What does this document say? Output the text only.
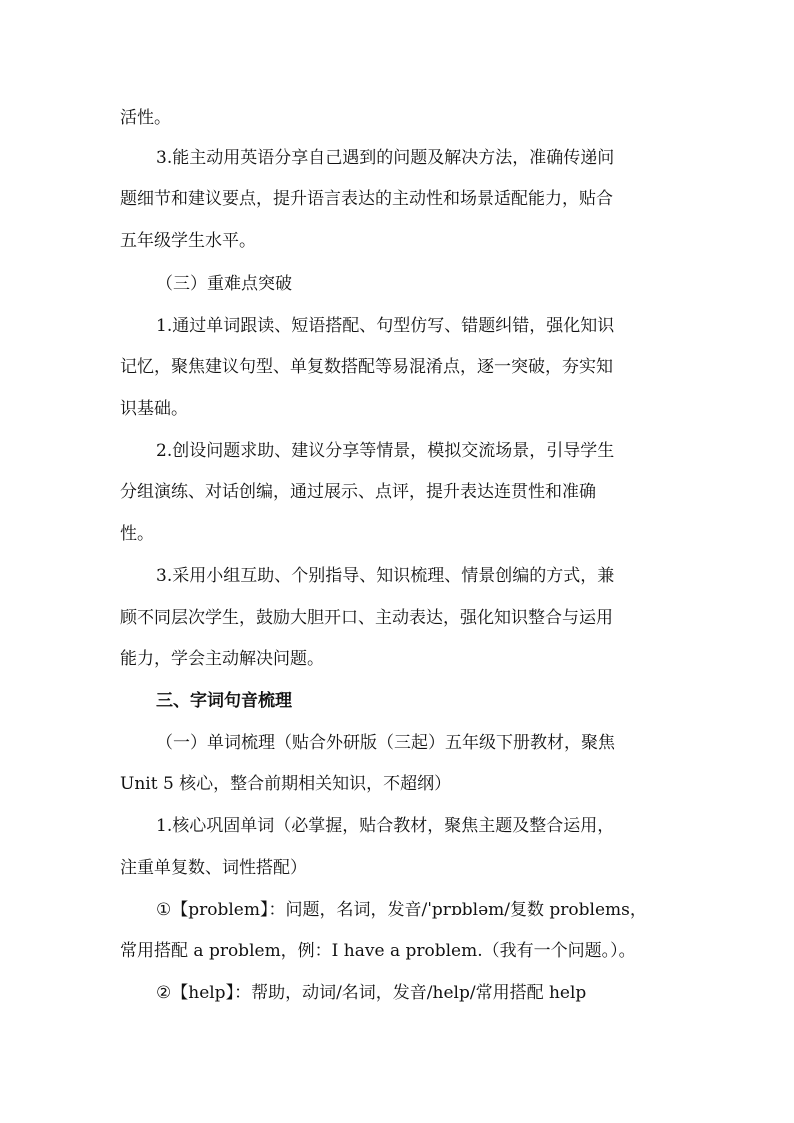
活性。
3.能主动用英语分享自己遇到的问题及解决方法，准确传递问
题细节和建议要点，提升语言表达的主动性和场景适配能力，贴合
五年级学生水平。
（三）重难点突破
1.通过单词跟读、短语搭配、句型仿写、错题纠错，强化知识
记忆，聚焦建议句型、单复数搭配等易混淆点，逐一突破，夯实知
识基础。
2.创设问题求助、建议分享等情景，模拟交流场景，引导学生
分组演练、对话创编，通过展示、点评，提升表达连贯性和准确
性。
3.采用小组互助、个别指导、知识梳理、情景创编的方式，兼
顾不同层次学生，鼓励大胆开口、主动表达，强化知识整合与运用
能力，学会主动解决问题。
三、字词句音梳理
（一）单词梳理（贴合外研版（三起）五年级下册教材，聚焦
Unit 5 核心，整合前期相关知识，不超纲）
1.核心巩固单词（必掌握，贴合教材，聚焦主题及整合运用，
注重单复数、词性搭配）
①【problem】：问题，名词，发音/ˈprɒbləm/复数 problems，
常用搭配 a problem，例：I have a problem.（我有一个问题。）。
②【help】：帮助，动词/名词，发音/help/常用搭配 help
